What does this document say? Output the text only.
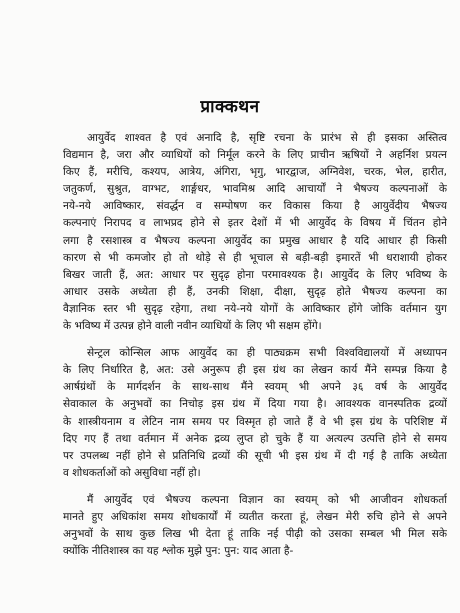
प्राक्कथन

आयुर्वेद शाश्वत है एवं अनादि है, सृष्टि रचना के प्रारंभ से ही इसका अस्तित्व
विद्यमान है, जरा और व्याधियों को निर्मूल करने के लिए प्राचीन ऋषियों ने अहर्निश प्रयत्न
किए हैं, मरीचि, कश्यप, आत्रेय, अंगिरा, भृगु, भारद्वाज, अग्निवेश, चरक, भेल, हारीत,
जतुकर्ण, सुश्रुत, वाग्भट, शार्ङ्गधर, भावमिश्र आदि आचार्यों ने भैषज्य कल्पनाओं के
नये-नये आविष्कार, संवर्द्धन व सम्पोषण कर विकास किया है आयुर्वेदीय भैषज्य
कल्पनाएं निरापद व लाभप्रद होने से इतर देशों में भी आयुर्वेद के विषय में चिंतन होने
लगा है रसशास्त्र व भैषज्य कल्पना आयुर्वेद का प्रमुख आधार है यदि आधार ही किसी
कारण से भी कमजोर हो तो थोड़े से ही भूचाल से बड़ी-बड़ी इमारतें भी धराशायी होकर
बिखर जाती हैं, अत: आधार पर सुदृढ़ होना परमावश्यक है। आयुर्वेद के लिए भविष्य के
आधार उसके अध्येता ही हैं, उनकी शिक्षा, दीक्षा, सुदृढ़ होते भैषज्य कल्पना का
वैज्ञानिक स्तर भी सुदृढ़ रहेगा, तथा नये-नये योगों के आविष्कार होंगे जोकि वर्तमान युग
के भविष्य में उत्पन्न होने वाली नवीन व्याधियों के लिए भी सक्षम होंगे।

सेन्ट्रल कोन्सिल आफ आयुर्वेद का ही पाठ्यक्रम सभी विश्वविद्यालयों में अध्यापन
के लिए निर्धारित है, अत: उसे अनुरूप ही इस ग्रंथ का लेखन कार्य मैंने सम्पन्न किया है
आर्षग्रंथों के मार्गदर्शन के साथ-साथ मैंने स्वयम् भी अपने ३६ वर्ष के आयुर्वेद
सेवाकाल के अनुभवों का निचोड़ इस ग्रंथ में दिया गया है। आवश्यक वानस्पतिक द्रव्यों
के शास्त्रीयनाम व लेटिन नाम समय पर विस्मृत हो जाते हैं वे भी इस ग्रंथ के परिशिष्ट में
दिए गए हैं तथा वर्तमान में अनेक द्रव्य लुप्त हो चुके हैं या अत्यल्प उत्पत्ति होने से समय
पर उपलब्ध नहीं होने से प्रतिनिधि द्रव्यों की सूची भी इस ग्रंथ में दी गई है ताकि अध्येता
व शोधकर्ताओं को असुविधा नहीं हो।

मैं आयुर्वेद एवं भैषज्य कल्पना विज्ञान का स्वयम् को भी आजीवन शोधकर्ता
मानते हुए अधिकांश समय शोधकार्यों में व्यतीत करता हूं, लेखन मेरी रुचि होने से अपने
अनुभवों के साथ कुछ लिख भी देता हूं ताकि नई पीढ़ी को उसका सम्बल भी मिल सके
क्योंकि नीतिशास्त्र का यह श्लोक मुझे पुन: पुन: याद आता है-
